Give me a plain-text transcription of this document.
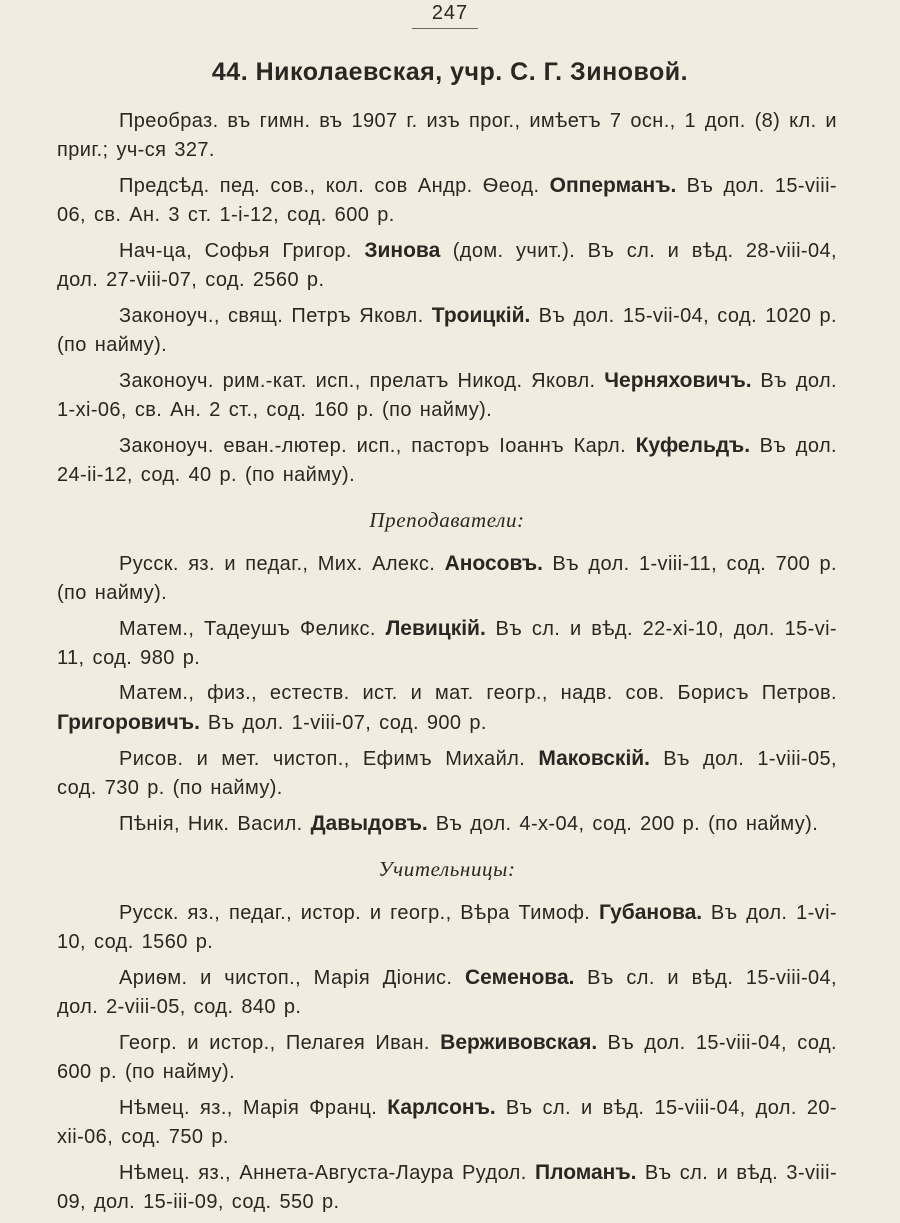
247
44. Николаевская, учр. С. Г. Зиновой.

Преобраз. въ гимн. въ 1907 г. изъ прог., имѣетъ 7 осн., 1 доп. (8) кл. и приг.; уч-ся 327.

Предсѣд. пед. сов., кол. сов Андр. Ѳеод. Опперманъ. Въ дол. 15-viii-06, св. Ан. 3 ст. 1-i-12, сод. 600 р.

Нач-ца, Софья Григор. Зинова (дом. учит.). Въ сл. и вѣд. 28-viii-04, дол. 27-viii-07, сод. 2560 р.

Законоуч., свящ. Петръ Яковл. Троицкій. Въ дол. 15-vii-04, сод. 1020 р. (по найму).

Законоуч. рим.-кат. исп., прелатъ Никод. Яковл. Черняховичъ. Въ дол. 1-xi-06, св. Ан. 2 ст., сод. 160 р. (по найму).

Законоуч. еван.-лютер. исп., пасторъ Іоаннъ Карл. Куфельдъ. Въ дол. 24-ii-12, сод. 40 р. (по найму).

Преподаватели:

Русск. яз. и педаг., Мих. Алекс. Аносовъ. Въ дол. 1-viii-11, сод. 700 р. (по найму).

Матем., Тадеушъ Феликс. Левицкій. Въ сл. и вѣд. 22-xi-10, дол. 15-vi-11, сод. 980 р.

Матем., физ., естеств. ист. и мат. геогр., надв. сов. Борисъ Петров. Григоровичъ. Въ дол. 1-viii-07, сод. 900 р.

Рисов. и мет. чистоп., Ефимъ Михайл. Маковскій. Въ дол. 1-viii-05, сод. 730 р. (по найму).

Пѣнія, Ник. Васил. Давыдовъ. Въ дол. 4-x-04, сод. 200 р. (по найму).

Учительницы:

Русск. яз., педаг., истор. и геогр., Вѣра Тимоф. Губанова. Въ дол. 1-vi-10, сод. 1560 р.

Ариѳм. и чистоп., Марія Діонис. Семенова. Въ сл. и вѣд. 15-viii-04, дол. 2-viii-05, сод. 840 р.

Геогр. и истор., Пелагея Иван. Верживовская. Въ дол. 15-viii-04, сод. 600 р. (по найму).

Нѣмец. яз., Марія Франц. Карлсонъ. Въ сл. и вѣд. 15-viii-04, дол. 20-xii-06, сод. 750 р.

Нѣмец. яз., Аннета-Августа-Лаура Рудол. Пломанъ. Въ сл. и вѣд. 3-viii-09, дол. 15-iii-09, сод. 550 р.
